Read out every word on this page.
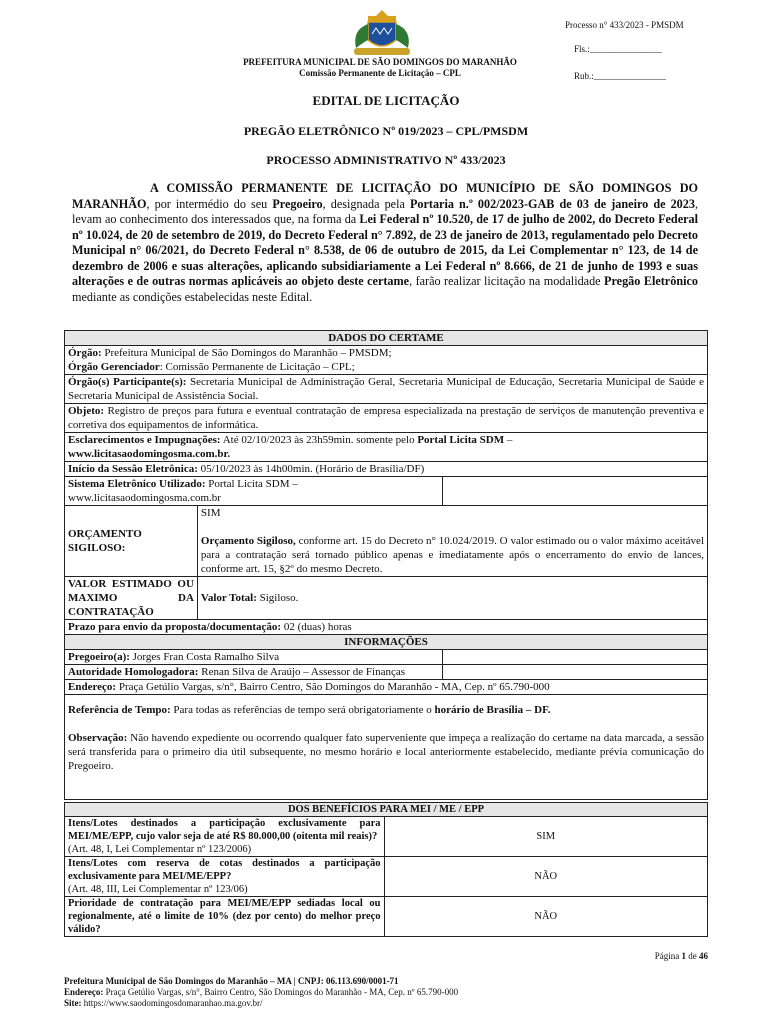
Processo n° 433/2023 - PMSDM
Fls.:________________
Rub.:________________
PREFEITURA MUNICIPAL DE SÃO DOMINGOS DO MARANHÃO
Comissão Permanente de Licitação – CPL
EDITAL DE LICITAÇÃO
PREGÃO ELETRÔNICO Nº 019/2023 – CPL/PMSDM
PROCESSO ADMINISTRATIVO Nº 433/2023
A COMISSÃO PERMANENTE DE LICITAÇÃO DO MUNICÍPIO DE SÃO DOMINGOS DO MARANHÃO, por intermédio do seu Pregoeiro, designada pela Portaria n.º 002/2023-GAB de 03 de janeiro de 2023, levam ao conhecimento dos interessados que, na forma da Lei Federal nº 10.520, de 17 de julho de 2002, do Decreto Federal nº 10.024, de 20 de setembro de 2019, do Decreto Federal n° 7.892, de 23 de janeiro de 2013, regulamentado pelo Decreto Municipal n° 06/2021, do Decreto Federal n° 8.538, de 06 de outubro de 2015, da Lei Complementar n° 123, de 14 de dezembro de 2006 e suas alterações, aplicando subsidiariamente a Lei Federal nº 8.666, de 21 de junho de 1993 e suas alterações e de outras normas aplicáveis ao objeto deste certame, farão realizar licitação na modalidade Pregão Eletrônico mediante as condições estabelecidas neste Edital.
DADOS DO CERTAME		
Órgão: Prefeitura Municipal de São Domingos do Maranhão – PMSDM;
Órgão Gerenciador: Comissão Permanente de Licitação – CPL;		
Órgão(s) Participante(s): Secretaria Municipal de Administração Geral, Secretaria Municipal de Educação, Secretaria Municipal de Saúde e Secretaria Municipal de Assistência Social.		
Objeto: Registro de preços para futura e eventual contratação de empresa especializada na prestação de serviços de manutenção preventiva e corretiva dos equipamentos de informática.		
Esclarecimentos e Impugnações: Até 02/10/2023 às 23h59min. somente pelo Portal Licita SDM –
www.licitasaodomingosma.com.br.		
Início da Sessão Eletrônica: 05/10/2023 às 14h00min. (Horário de Brasília/DF)		
Sistema Eletrônico Utilizado: Portal Licita SDM – www.licitasaodomingosma.com.br		
ORÇAMENTO SIGILOSO:	SIM

Orçamento Sigiloso, conforme art. 15 do Decreto n° 10.024/2019. O valor estimado ou o valor máximo aceitável para a contratação será tornado público apenas e imediatamente após o encerramento do envio de lances, conforme art. 15, §2º do mesmo Decreto.	
VALOR ESTIMADO OU MAXIMO DA CONTRATAÇÃO	Valor Total: Sigiloso.	
Prazo para envio da proposta/documentação: 02 (duas) horas		
INFORMAÇÕES		
Pregoeiro(a): Jorges Fran Costa Ramalho Silva		
Autoridade Homologadora: Renan Silva de Araújo – Assessor de Finanças		
Endereço: Praça Getúlio Vargas, s/n°, Bairro Centro, São Domingos do Maranhão - MA, Cep. nº 65.790-000		
Referência de Tempo: Para todas as referências de tempo será obrigatoriamente o horário de Brasília – DF.

Observação: Não havendo expediente ou ocorrendo qualquer fato superveniente que impeça a realização do certame na data marcada, a sessão será transferida para o primeiro dia útil subsequente, no mesmo horário e local anteriormente estabelecido, mediante prévia comunicação do Pregoeiro.		
DOS BENEFÍCIOS PARA MEI / ME / EPP	
Itens/Lotes destinados a participação exclusivamente para MEI/ME/EPP, cujo valor seja de até R$ 80.000,00 (oitenta mil reais)?
(Art. 48, I, Lei Complementar nº 123/2006)	SIM
Itens/Lotes com reserva de cotas destinados a participação exclusivamente para MEI/ME/EPP?
(Art. 48, III, Lei Complementar nº 123/06)	NÃO
Prioridade de contratação para MEI/ME/EPP sediadas local ou regionalmente, até o limite de 10% (dez por cento) do melhor preço válido?	NÃO
Página 1 de 46
Prefeitura Municipal de São Domingos do Maranhão – MA | CNPJ: 06.113.690/0001-71
Endereço: Praça Getúlio Vargas, s/n°, Bairro Centro, São Domingos do Maranhão - MA, Cep. nº 65.790-000
Site: https://www.saodomingosdomaranhao.ma.gov.br/
